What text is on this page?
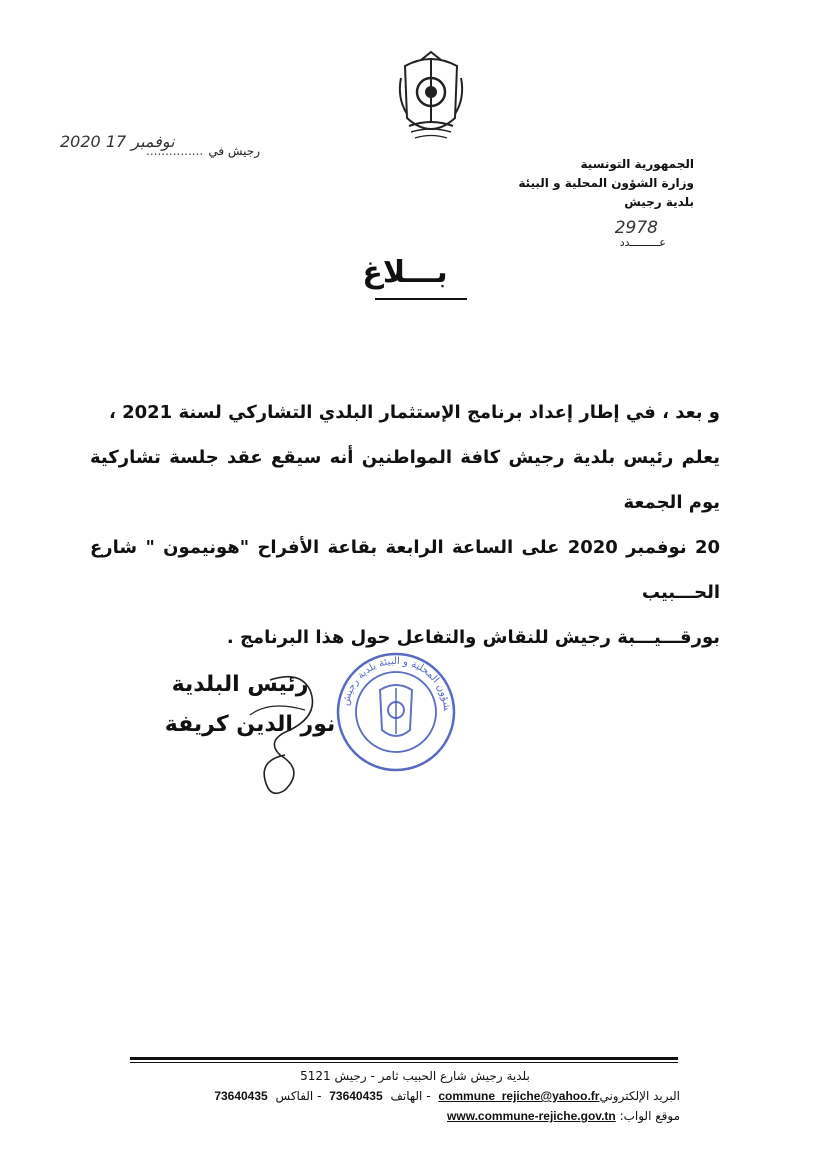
رجيش في ...............
2020 ﻧﻮﻓﻤﺒﺮ 17
الجمهورية التونسية
وزارة الشؤون المحلية و البيئة
بلدية رجيش
2978
عـــــــــدد
بـــلاغ

و بعد ، في إطار إعداد برنامج الإستثمار البلدي التشاركي لسنة 2021 ،

يعلم رئيس بلدية رجيش كافة المواطنين أنه سيقع عقد جلسة تشاركية يوم الجمعة

20 نوفمبر 2020 على الساعة الرابعة بقاعة الأفراح "هونيمون " شارع الحـــبيب

بورقـــيـــبة رجيش للنقاش والتفاعل حول هذا البرنامج .

رئيس البلدية
نور الدين كريفة
شؤون المحلية و البيئة بلدية رجيش
بلدية رجيش شارع الحبيب ثامر - رجيش 5121
البريد الإلكترونيcommune_rejiche@yahoo.fr - الهاتف 73640435 - الفاكس 73640435
موقع الواب: www.commune-rejiche.gov.tn
